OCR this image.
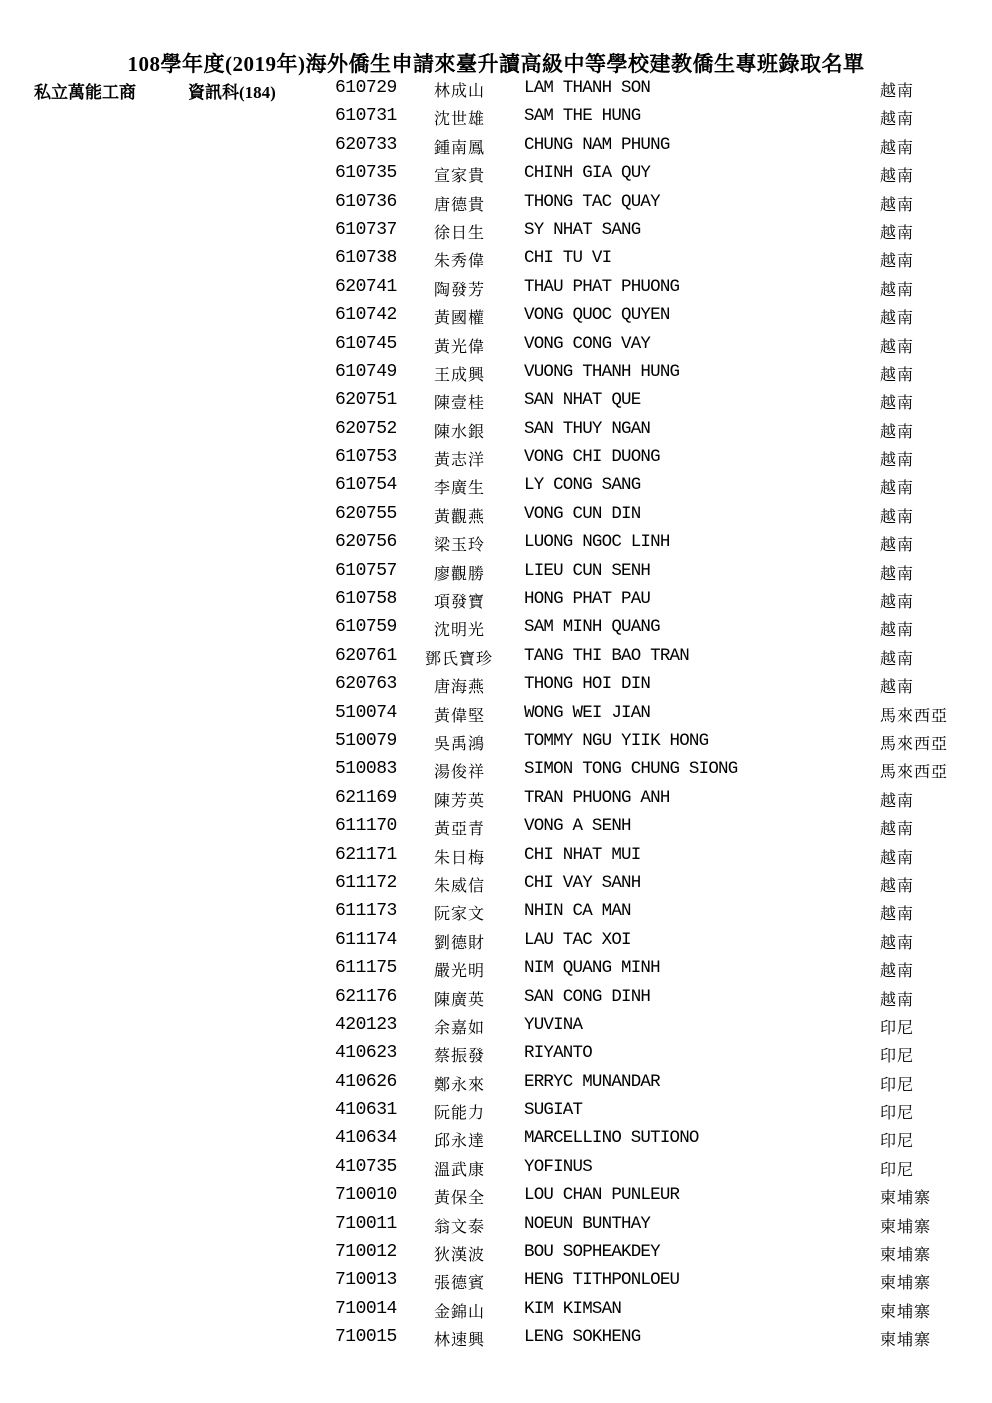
108學年度(2019年)海外僑生申請來臺升讀高級中等學校建教僑生專班錄取名單
私立萬能工商	資訊科(184)	610729 林成山 LAM THANH SON	越南
610731 沈世雄 SAM THE HUNG	越南
620733 鍾南鳳 CHUNG NAM PHUNG	越南
610735 宣家貴 CHINH GIA QUY	越南
610736 唐德貴 THONG TAC QUAY	越南
610737 徐日生 SY NHAT SANG	越南
610738 朱秀偉 CHI TU VI	越南
620741 陶發芳 THAU PHAT PHUONG	越南
610742 黃國權 VONG QUOC QUYEN	越南
610745 黃光偉 VONG CONG VAY	越南
610749 王成興 VUONG THANH HUNG	越南
620751 陳壹桂 SAN NHAT QUE	越南
620752 陳水銀 SAN THUY NGAN	越南
610753 黃志洋 VONG CHI DUONG	越南
610754 李廣生 LY CONG SANG	越南
620755 黃觀燕 VONG CUN DIN	越南
620756 梁玉玲 LUONG NGOC LINH	越南
610757 廖觀勝 LIEU CUN SENH	越南
610758 項發寶 HONG PHAT PAU	越南
610759 沈明光 SAM MINH QUANG	越南
620761 鄧氏寶珍 TANG THI BAO TRAN	越南
620763 唐海燕 THONG HOI DIN	越南
510074 黃偉堅 WONG WEI JIAN	馬來西亞
510079 吳禹鴻 TOMMY NGU YIIK HONG	馬來西亞
510083 湯俊祥 SIMON TONG CHUNG SIONG	馬來西亞
621169 陳芳英 TRAN PHUONG ANH	越南
611170 黃亞青 VONG A SENH	越南
621171 朱日梅 CHI NHAT MUI	越南
611172 朱威信 CHI VAY SANH	越南
611173 阮家文 NHIN CA MAN	越南
611174 劉德財 LAU TAC XOI	越南
611175 嚴光明 NIM QUANG MINH	越南
621176 陳廣英 SAN CONG DINH	越南
420123 余嘉如 YUVINA	印尼
410623 蔡振發 RIYANTO	印尼
410626 鄭永來 ERRYC MUNANDAR	印尼
410631 阮能力 SUGIAT	印尼
410634 邱永達 MARCELLINO SUTIONO	印尼
410735 溫武康 YOFINUS	印尼
710010 黃保全 LOU CHAN PUNLEUR	柬埔寨
710011 翁文泰 NOEUN BUNTHAY	柬埔寨
710012 狄漢波 BOU SOPHEAKDEY	柬埔寨
710013 張德賓 HENG TITHPONLOEU	柬埔寨
710014 金錦山 KIM KIMSAN	柬埔寨
710015 林速興 LENG SOKHENG	柬埔寨
